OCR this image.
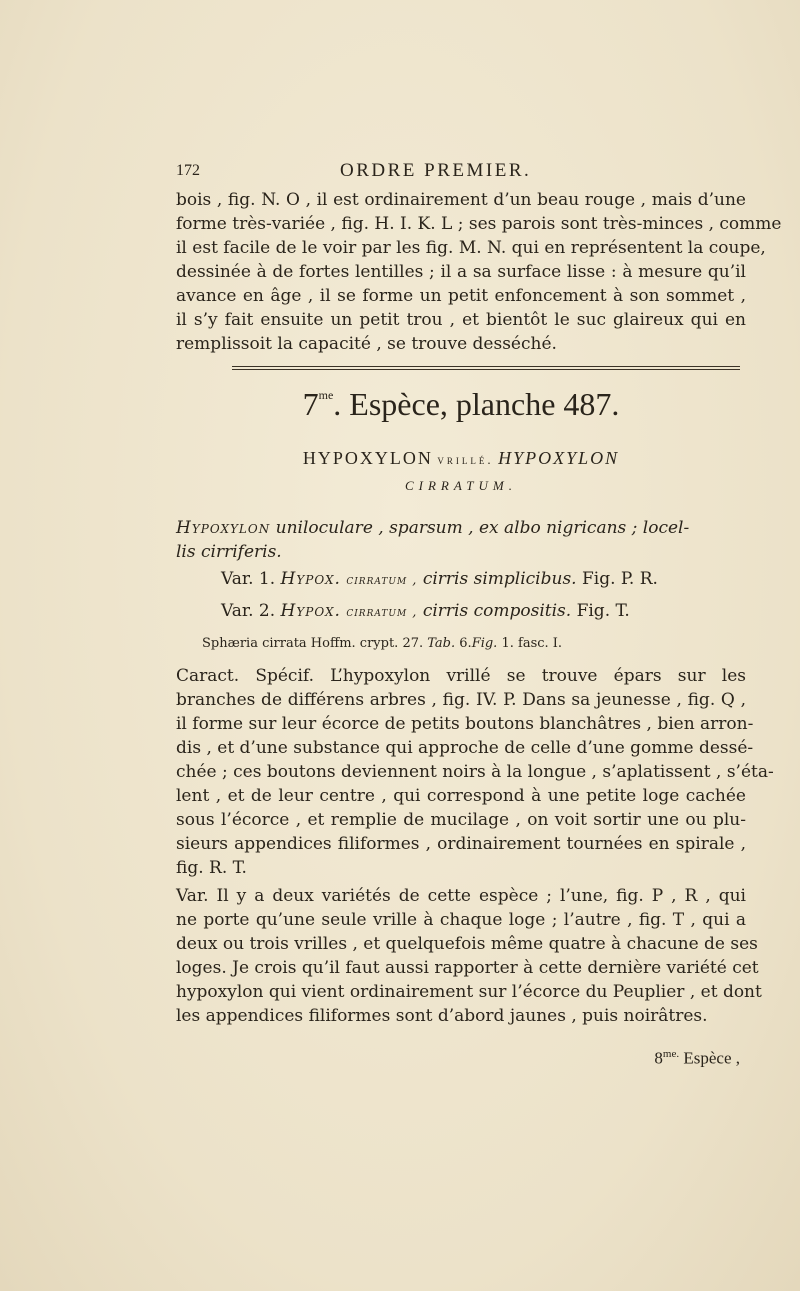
172	ORDRE PREMIER.

bois , fig. N. O , il est ordinairement d’un beau rouge , mais d’une

forme très-variée , fig. H. I. K. L ; ses parois sont très-minces , comme

il est facile de le voir par les fig. M. N. qui en représentent la coupe,

dessinée à de fortes lentilles ; il a sa surface lisse : à mesure qu’il

avance en âge , il se forme un petit enfoncement à son sommet ,

il s’y fait ensuite un petit trou , et bientôt le suc glaireux qui en

remplissoit la capacité , se trouve desséché.

$7^{me}$. Espèce, planche 487.
HYPOXYLON vrillé. HYPOXYLON
CIRRATUM.
Hypoxylon uniloculare , sparsum , ex albo nigricans ; locel-
lis cirriferis.
Var. 1. Hypox. cirratum , cirris simplicibus. Fig. P. R.
Var. 2. Hypox. cirratum , cirris compositis. Fig. T.
Sphæria cirrata Hoffm. crypt. 27. Tab. 6.Fig. 1. fasc. I.

Caract. Spécif. L’hypoxylon vrillé se trouve épars sur les

branches de différens arbres , fig. IV. P. Dans sa jeunesse , fig. Q ,

il forme sur leur écorce de petits boutons blanchâtres , bien arron-

dis , et d’une substance qui approche de celle d’une gomme dessé-

chée ; ces boutons deviennent noirs à la longue , s’aplatissent , s’éta-

lent , et de leur centre , qui correspond à une petite loge cachée

sous l’écorce , et remplie de mucilage , on voit sortir une ou plu-

sieurs appendices filiformes , ordinairement tournées en spirale ,

fig. R. T.

Var. Il y a deux variétés de cette espèce ; l’une, fig. P , R , qui

ne porte qu’une seule vrille à chaque loge ; l’autre , fig. T , qui a

deux ou trois vrilles , et quelquefois même quatre à chacune de ses

loges. Je crois qu’il faut aussi rapporter à cette dernière variété cet

hypoxylon qui vient ordinairement sur l’écorce du Peuplier , et dont

les appendices filiformes sont d’abord jaunes , puis noirâtres.

$8^{me.}$ Espèce ,
